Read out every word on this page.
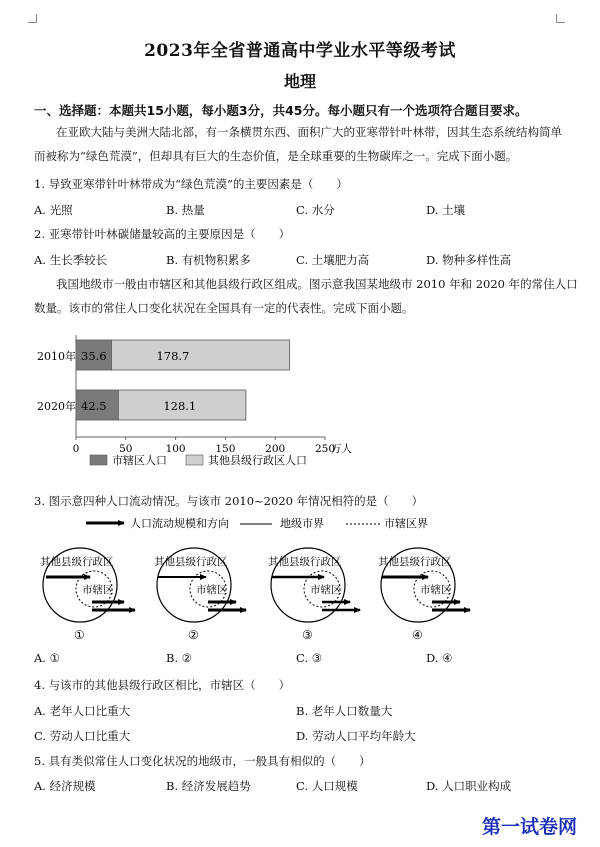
2023年全省普通高中学业水平等级考试
地理
一、选择题：本题共15小题，每小题3分，共45分。每小题只有一个选项符合题目要求。
在亚欧大陆与美洲大陆北部，有一条横贯东西、面积广大的亚寒带针叶林带，因其生态系统结构简单
而被称为“绿色荒漠”，但却具有巨大的生态价值，是全球重要的生物碳库之一。完成下面小题。
1. 导致亚寒带针叶林带成为“绿色荒漠”的主要因素是（　　）
A. 光照	B. 热量	C. 水分	D. 土壤
2. 亚寒带针叶林碳储量较高的主要原因是（　　）
A. 生长季较长	B. 有机物积累多	C. 土壤肥力高	D. 物种多样性高
我国地级市一般由市辖区和其他县级行政区组成。图示意我国某地级市 2010 年和 2020 年的常住人口
数量。该市的常住人口变化状况在全国具有一定的代表性。完成下面小题。
2010年 35.6	178.7
2020年 42.5	128.1
0	50	100	150	200	250
万人
市辖区人口	其他县级行政区人口
3. 图示意四种人口流动情况。与该市 2010~2020 年情况相符的是（　　）
人口流动规模和方向	地级市界	市辖区界
其他县级行政区
市辖区
①
其他县级行政区
市辖区
②
其他县级行政区
市辖区
③
其他县级行政区
市辖区
④
A. ①	B. ②	C. ③	D. ④
4. 与该市的其他县级行政区相比，市辖区（　　）
A. 老年人口比重大	B. 老年人口数量大
C. 劳动人口比重大	D. 劳动人口平均年龄大
5. 具有类似常住人口变化状况的地级市，一般具有相似的（　　）
A. 经济规模	B. 经济发展趋势	C. 人口规模	D. 人口职业构成
第一试卷网
